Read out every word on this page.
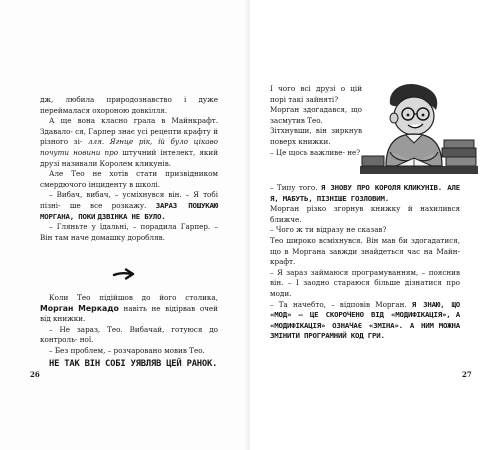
дж, любила природознавство і дуже переймалася охороною довкілля.

А ще вона класно грала в Майнкрафт. Здавало- ся, Гарпер знає усі рецепти крафту й різного зі- лля. Ягнце рік, їй було цікаво почути новини про штучний інтелект, який друзі називали Королем кликунів.

Але Тео не хотів стати призвідником смердючого інциденту в школі.

– Вибач, вибач, – усміхнувся він. – Я тобі пізні- ше все розкажу. ЗАРАЗ ПОШУКАЮ МОРГАНА, ПОКИ ДЗВІНКА НЕ БУЛО.

– Гляньте у їдальні, – порадила Гарпер. – Він там наче домашку доробляв.

Коли Тео підійшов до його столика, Морган Меркадо навіть не відірвав очей від книжки.

– Не зараз, Тео. Вибачай, готуюся до контроль- ної.

– Без проблем, – розчаровано мовив Тео.

НЕ ТАК ВІН СОБІ УЯВЛЯВ ЦЕЙ РАНОК.

26

І чого всі друзі о цій порі такі зайняті?

Морган здогадався, що засмутив Тео.

Зітхнувши, він зиркнув поверх книжки.

– Це щось важливе- не?

– Типу того. Я ЗНОВУ ПРО КОРОЛЯ КЛИКУНІВ. АЛЕ Я, МАБУТЬ, ПІЗНІШЕ ГОЗЛОВИМ.

Морган різко згорнув книжку й нахилився ближче.

– Чого ж ти відразу не сказав?

Тео широко всміхнувся. Він мав би здогадатися, що в Моргана завжди знайдеться час на Майн- крафт.

– Я зараз займаюся програмуванням, – пояснив він. – І заодно стараюся більше дізнатися про моди.

– Та начебто, – відповів Морган. Я ЗНАЮ, ЩО «МОД» – ЦЕ СКОРОЧЕНО ВІД «МОДИФІКАЦІЯ», А «МОДИФІКАЦІЯ» ОЗНАЧАЄ «ЗМІНА». А НИМ МОЖНА ЗМІНИТИ ПРОГРАМНИЙ КОД ГРИ.

27
